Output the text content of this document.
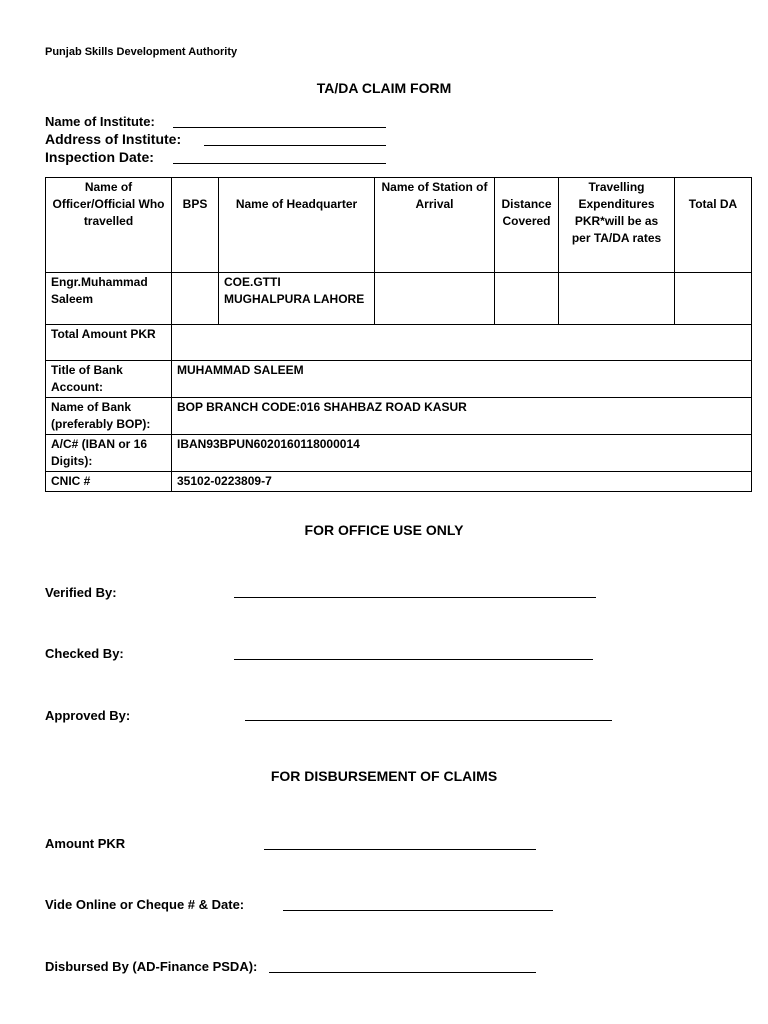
Punjab Skills Development Authority
TA/DA CLAIM FORM
Name of Institute:
Address of Institute:
Inspection Date:
Name of Officer/Official Who travelled	BPS	Name of Headquarter	Name of Station of Arrival	Distance Covered	Travelling Expenditures PKR*will be as per TA/DA rates	Total DA
Engr.Muhammad Saleem		COE.GTTI MUGHALPURA LAHORE				
Total Amount PKR						
Title of Bank Account:	MUHAMMAD SALEEM					
Name of Bank (preferably BOP):	BOP BRANCH CODE:016 SHAHBAZ ROAD KASUR					
A/C# (IBAN or 16 Digits):	IBAN93BPUN6020160118000014					
CNIC #	35102-0223809-7					
FOR OFFICE USE ONLY
Verified By:
Checked By:
Approved By:
FOR DISBURSEMENT OF CLAIMS
Amount PKR
Vide Online or Cheque # & Date:
Disbursed By (AD-Finance PSDA):
